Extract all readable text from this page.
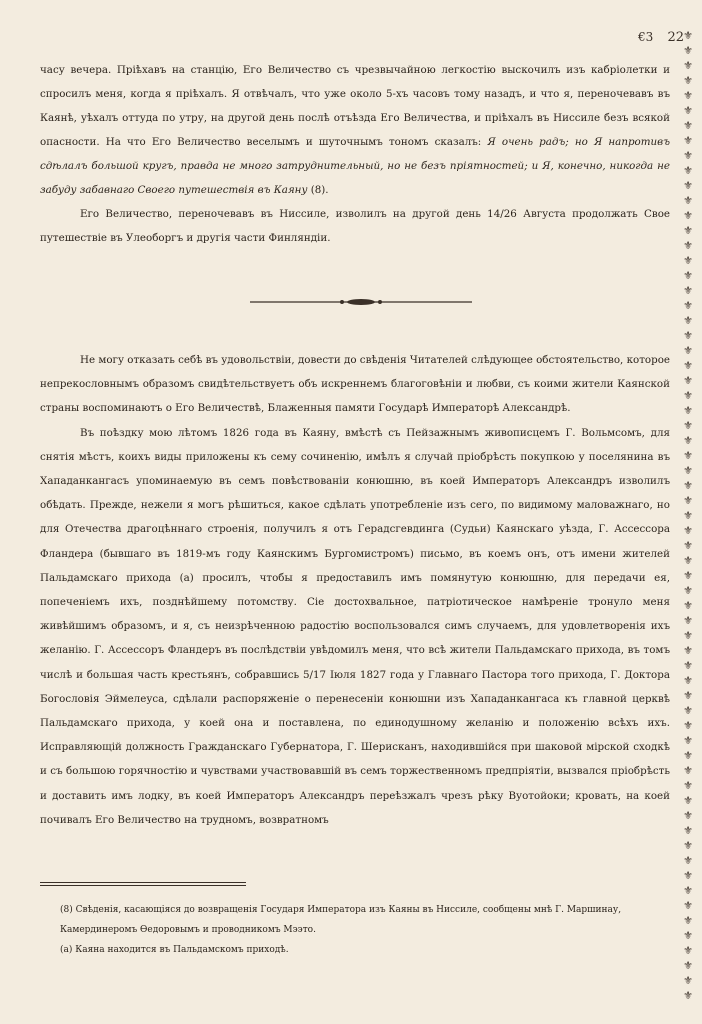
€3 22 ⚜⚜⚜⚜⚜⚜⚜⚜⚜⚜⚜⚜⚜⚜⚜⚜⚜⚜⚜⚜⚜⚜⚜⚜⚜⚜⚜⚜⚜⚜⚜⚜⚜⚜⚜⚜⚜⚜⚜⚜⚜⚜⚜⚜⚜⚜⚜⚜⚜⚜⚜⚜⚜⚜⚜⚜⚜⚜⚜⚜⚜⚜⚜⚜⚜

часу вечера. Пріѣхавъ на станцію, Его Величество съ чрезвычайною легкостію выскочилъ изъ кабріолетки и спросилъ меня, когда я пріѣхалъ. Я отвѣчалъ, что уже около 5-хъ часовъ тому назадъ, и что я, переночевавъ въ Каянѣ, уѣхалъ оттуда по утру, на другой день послѣ отъѣзда Его Величества, и пріѣхалъ въ Ниссиле безъ всякой опасности. На что Его Величество веселымъ и шуточнымъ тономъ сказалъ: Я очень радъ; но Я напротивъ сдѣлалъ большой кругъ, правда не много затруднительный, но не безъ пріятностей; и Я, конечно, никогда не забуду забавнаго Своего путешествія въ Каяну (8).

Его Величество, переночевавъ въ Ниссиле, изволилъ на другой день 14/26 Августа продолжать Свое путешествіе въ Улеоборгъ и другія части Финляндіи.

Не могу отказать себѣ въ удовольствіи, довести до свѣденія Читателей слѣдующее обстоятельство, которое непрекословнымъ образомъ свидѣтельствуетъ объ искреннемъ благоговѣніи и любви, съ коими жители Каянской страны воспоминаютъ о Его Величествѣ, Блаженныя памяти Государѣ Императорѣ Александрѣ.

Въ поѣздку мою лѣтомъ 1826 года въ Каяну, вмѣстѣ съ Пейзажнымъ живописцемъ Г. Вольмсомъ, для снятія мѣстъ, коихъ виды приложены къ сему сочиненію, имѣлъ я случай пріобрѣсть покупкою у поселянина въ Хападанкангасъ упоминаемую въ семъ повѣствованіи конюшню, въ коей Императоръ Александръ изволилъ обѣдать. Прежде, нежели я могъ рѣшиться, какое сдѣлать употребленіе изъ сего, по видимому маловажнаго, но для Отечества драгоцѣннаго строенія, получилъ я отъ Герадсгевдинга (Судьи) Каянскаго уѣзда, Г. Ассессора Фландера (бывшаго въ 1819-мъ году Каянскимъ Бургомистромъ) письмо, въ коемъ онъ, отъ имени жителей Пальдамскаго прихода (а) просилъ, чтобы я предоставилъ имъ помянутую конюшню, для передачи ея, попеченіемъ ихъ, позднѣйшему потомству. Сіе достохвальное, патріотическое намѣреніе тронуло меня живѣйшимъ образомъ, и я, съ неизрѣченною радостію воспользовался симъ случаемъ, для удовлетворенія ихъ желанію. Г. Ассессоръ Фландеръ въ послѣдствіи увѣдомилъ меня, что всѣ жители Пальдамскаго прихода, въ томъ числѣ и большая часть крестьянъ, собравшись 5/17 Іюля 1827 года у Главнаго Пастора того прихода, Г. Доктора Богословія Эймелеуса, сдѣлали распоряженіе о перенесеніи конюшни изъ Хападанкангаса къ главной церквѣ Пальдамскаго прихода, у коей она и поставлена, по единодушному желанію и положенію всѣхъ ихъ. Исправляющій должность Гражданскаго Губернатора, Г. Шерисканъ, находившійся при шаковой мірской сходкѣ и съ большою горячностію и чувствами участвовавшій въ семъ торжественномъ предпріятіи, вызвался пріобрѣсть и доставить имъ лодку, въ коей Императоръ Александръ переѣзжалъ чрезъ рѣку Вуотойоки; кровать, на коей почивалъ Его Величество на трудномъ, возвратномъ

(8) Свѣденія, касающіяся до возвращенія Государя Императора изъ Каяны въ Ниссиле, сообщены мнѣ Г. Маршинау, Камердинеромъ Ѳедоровымъ и проводникомъ Мээто.

(а) Каяна находится въ Пальдамскомъ приходѣ.
